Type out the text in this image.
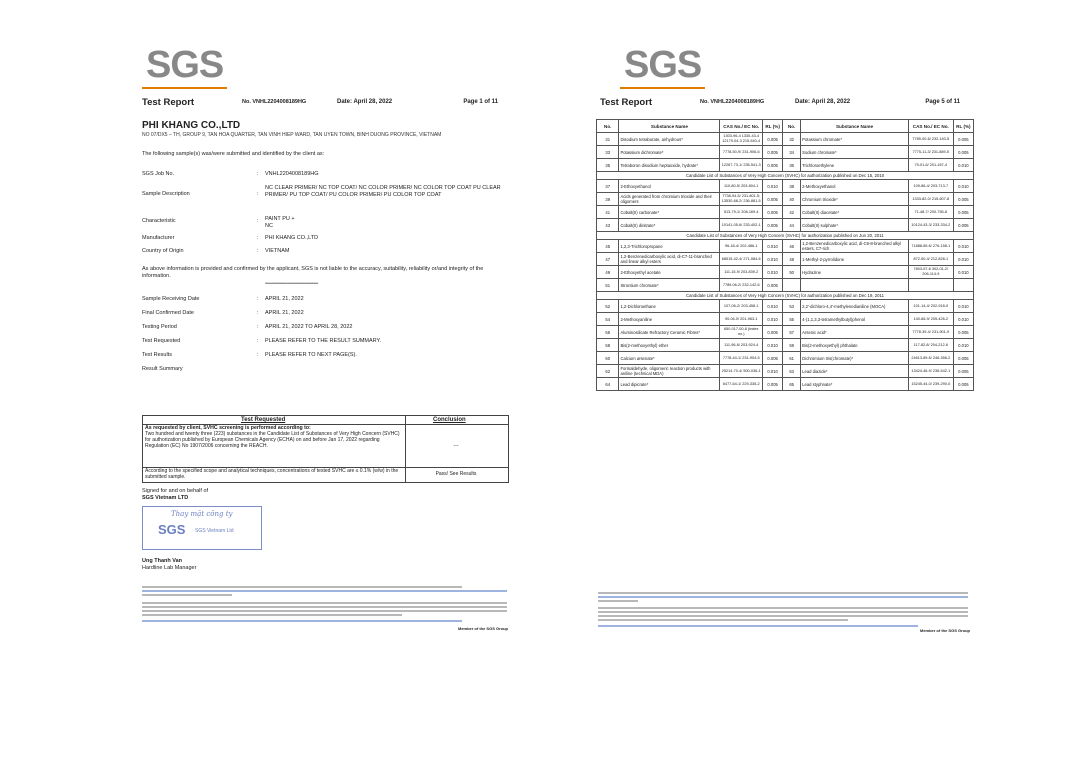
SGS
Test Report	No. VNHL2204008189HG	Date: April 28, 2022	Page 1 of 11
PHI KHANG CO.,LTD
NO 07/DX5 – TH, GROUP 9, TAN HOA QUARTER, TAN VINH HIEP WARD, TAN UYEN TOWN, BINH DUONG PROVINCE, VIETNAM
The following sample(s) was/were submitted and identified by the client as:
SGS Job No.	: VNHL2204008189HG
Sample Description	:
NC CLEAR PRIMER/ NC TOP COAT/ NC COLOR PRIMER/ NC COLOR TOP COAT PU CLEAR PRIMER/ PU TOP COAT/ PU COLOR PRIMER/ PU COLOR TOP COAT
Characteristic	: PAINT PU + NC
Manufacturer	: PHI KHANG CO.,LTD
Country of Origin	: VIETNAM
As above information is provided and confirmed by the applicant, SGS is not liable to the accuracy, suitability, reliability or/and integrity of the information.
**************************************************
Sample Receiving Date	: APRIL 21, 2022
Final Confirmed Date	: APRIL 21, 2022
Testing Period	: APRIL 21, 2022 TO APRIL 28, 2022
Test Requested	: PLEASE REFER TO THE RESULT SUMMARY.
Test Results	: PLEASE REFER TO NEXT PAGE(S).
Result Summary
Test Requested	Conclusion
As requested by client, SVHC screening is performed according to:
Two hundred and twenty three (223) substances in the Candidate List of Substances of Very High Concern (SVHC) for authorization published by European Chemicals Agency (ECHA) on and before Jan 17, 2022 regarding Regulation (EC) No 1907/2006 concerning the REACH.	---
According to the specified scope and analytical techniques, concentrations of tested SVHC are ≤ 0.1% (w/w) in the submitted sample.	Pass/ See Results
Signed for and on behalf of
SGS Vietnam LTD
Thay mặt công ty
SGS SGS Vietnam Ltd
Ung Thanh Van
Hardline Lab Manager
Member of the SGS Group
SGS
Test Report	No. VNHL2204008189HG	Date: April 28, 2022	Page 5 of 11
No.	Substance Name	CAS No./ EC No.	RL (%)	No.	Substance Name	CAS No./ EC No.	RL (%)
31	Disodium tetraborate, anhydrous*	1303-96-4 1330-43-4 12179-04-3 215-540-4	0.005	32	Potassium chromate*	7789-00-6/ 232-140-5	0.005
33	Potassium dichromate*	7778-50-9/ 231-906-6	0.005	34	Sodium chromate*	7775-11-3/ 231-889-5	0.005
35	Tetraboron disodium heptaoxide, hydrate*	12267-73-1/ 235-541-3	0.005	36	Trichloroethylene	79-01-6/ 201-167-4	0.010
Candidate List of Substances of Very High Concern (SVHC) for authorization published on Dec 15, 2010							
37	2-Ethoxyethanol	110-80-5/ 203-804-1	0.010	38	2-Methoxyethanol	109-86-4/ 203-713-7	0.010
39	Acids generated from chromium trioxide and their oligomers	7738-94-5/ 231-801-5; 13530-68-2/ 236-881-5	0.005	40	Chromium trioxide*	1333-82-0/ 215-607-8	0.005
41	Cobalt(II) carbonate*	513-79-1/ 208-169-4	0.005	42	Cobalt(II) diacetate*	71-48-7/ 200-755-8	0.005
43	Cobalt(II) dinitrate*	10141-05-6/ 233-402-1	0.005	44	Cobalt(II) sulphate*	10124-43-3/ 233-334-2	0.005
Candidate List of Substances of Very High Concern (SVHC) for authorization published on Jun 20, 2011							
45	1,2,3-Trichloropropane	96-18-4/ 202-486-1	0.010	46	1,2-Benzenedicarboxylic acid, di-C6-8-branched alkyl esters, C7-rich	71888-89-6/ 276-158-1	0.010
47	1,2-Benzenedicarboxylic acid, di-C7-11-branched and linear alkyl esters	68515-42-4/ 271-084-6	0.010	48	1-Methyl-2-pyrrolidone	872-50-4/ 212-828-1	0.010
49	2-Ethoxyethyl acetate	111-15-9/ 203-839-2	0.010	50	Hydrazine	7803-57-8 302-01-2/ 206-114-9	0.010
51	Strontium chromate*	7789-06-2/ 232-142-6	0.005				
Candidate List of Substances of Very High Concern (SVHC) for authorization published on Dec 19, 2011							
52	1,2-Dichloroethane	107-06-2/ 203-458-1	0.010	53	2,2'-dichloro-4,4'-methylenedianiline (MOCA)	101-14-4/ 202-918-9	0.010
54	2-Methoxyaniline	90-04-0/ 201-963-1	0.010	55	4-(1,1,3,3-tetramethylbutyl)phenol	140-66-9/ 205-426-2	0.010
56	Aluminosilicate Refractory Ceramic Fibres*	650-017-00-8 (Index no.)	0.005	57	Arsenic acid*	7778-39-4/ 231-901-9	0.005
58	Bis(2-methoxyethyl) ether	111-96-6/ 203-924-4	0.010	59	Bis(2-methoxyethyl) phthalate	117-82-8/ 204-212-6	0.010
60	Calcium arsenate*	7778-44-1/ 231-904-5	0.005	61	Dichromium tris(chromate)*	24613-89-6/ 246-356-2	0.005
62	Formaldehyde, oligomeric reaction products with aniline (technical MDA)	25214-70-4/ 500-036-1	0.010	63	Lead diazide*	13424-46-9/ 236-542-1	0.005
64	Lead dipicrate*	6477-64-1/ 229-335-2	0.005	65	Lead styphnate*	15245-44-0/ 239-290-0	0.005
Member of the SGS Group
